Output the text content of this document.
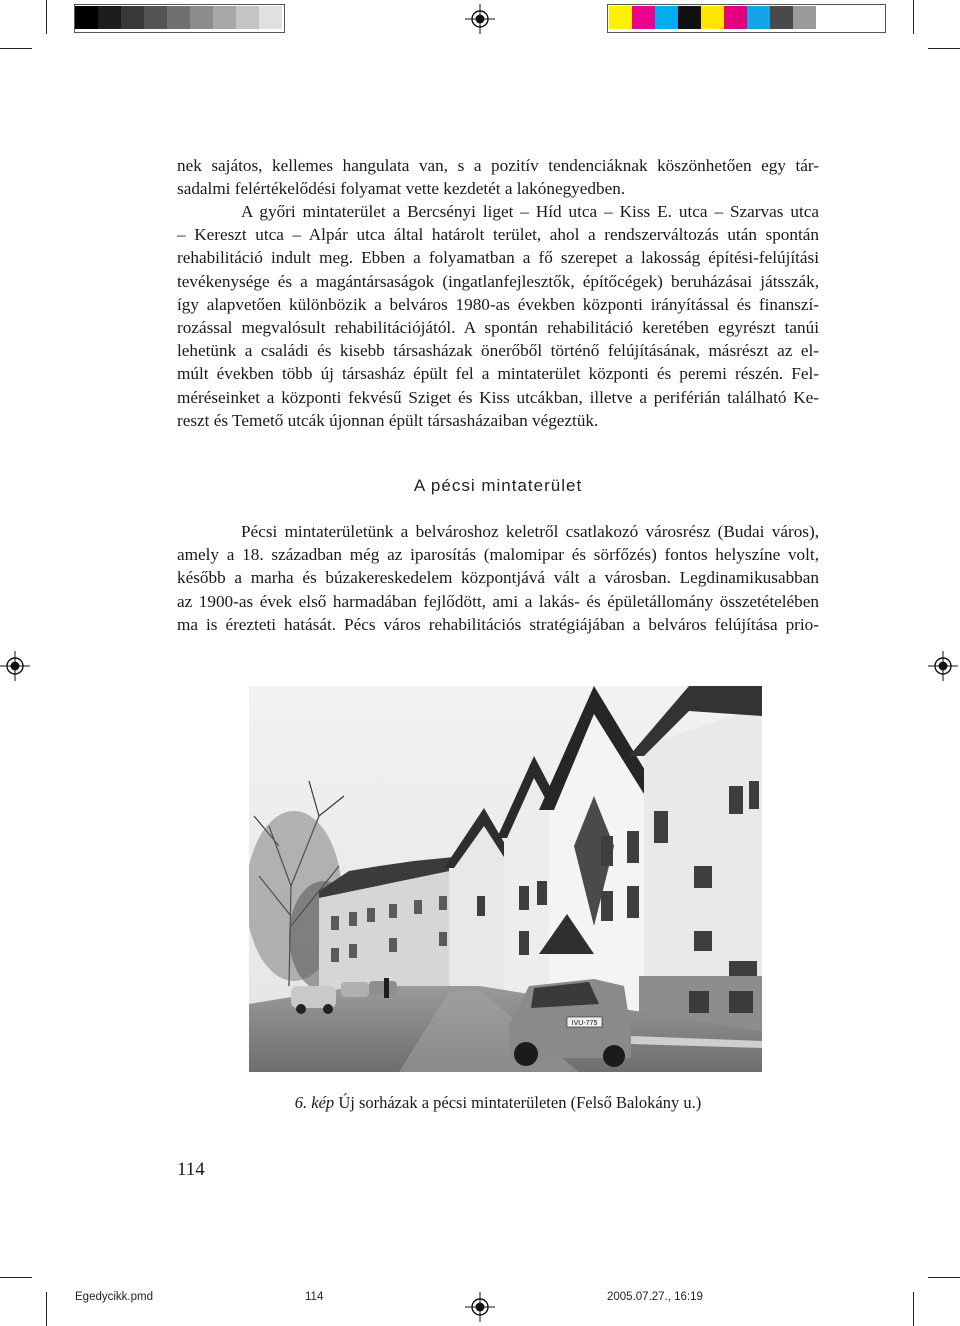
nek sajátos, kellemes hangulata van, s a pozitív tendenciáknak köszönhetően egy tár-
sadalmi felértékelődési folyamat vette kezdetét a lakónegyedben.
A győri mintaterület a Bercsényi liget – Híd utca – Kiss E. utca – Szarvas utca
– Kereszt utca – Alpár utca által határolt terület, ahol a rendszerváltozás után spontán
rehabilitáció indult meg. Ebben a folyamatban a fő szerepet a lakosság építési-felújítási
tevékenysége és a magántársaságok (ingatlanfejlesztők, építőcégek) beruházásai játsszák,
így alapvetően különbözik a belváros 1980-as években központi irányítással és finanszí-
rozással megvalósult rehabilitációjától. A spontán rehabilitáció keretében egyrészt tanúi
lehetünk a családi és kisebb társasházak önerőből történő felújításának, másrészt az el-
múlt években több új társasház épült fel a mintaterület központi és peremi részén. Fel-
méréseinket a központi fekvésű Sziget és Kiss utcákban, illetve a periférián található Ke-
reszt és Temető utcák újonnan épült társasházaiban végeztük.
A pécsi mintaterület
Pécsi mintaterületünk a belvároshoz keletről csatlakozó városrész (Budai város),
amely a 18. században még az iparosítás (malomipar és sörfőzés) fontos helyszíne volt,
később a marha és búzakereskedelem központjává vált a városban. Legdinamikusabban
az 1900-as évek első harmadában fejlődött, ami a lakás- és épületállomány összetételében
ma is érezteti hatását. Pécs város rehabilitációs stratégiájában a belváros felújítása prio-
IVU-775
6. kép Új sorházak a pécsi mintaterületen (Felső Balokány u.)
114
Egedycikk.pmd	114	2005.07.27., 16:19
